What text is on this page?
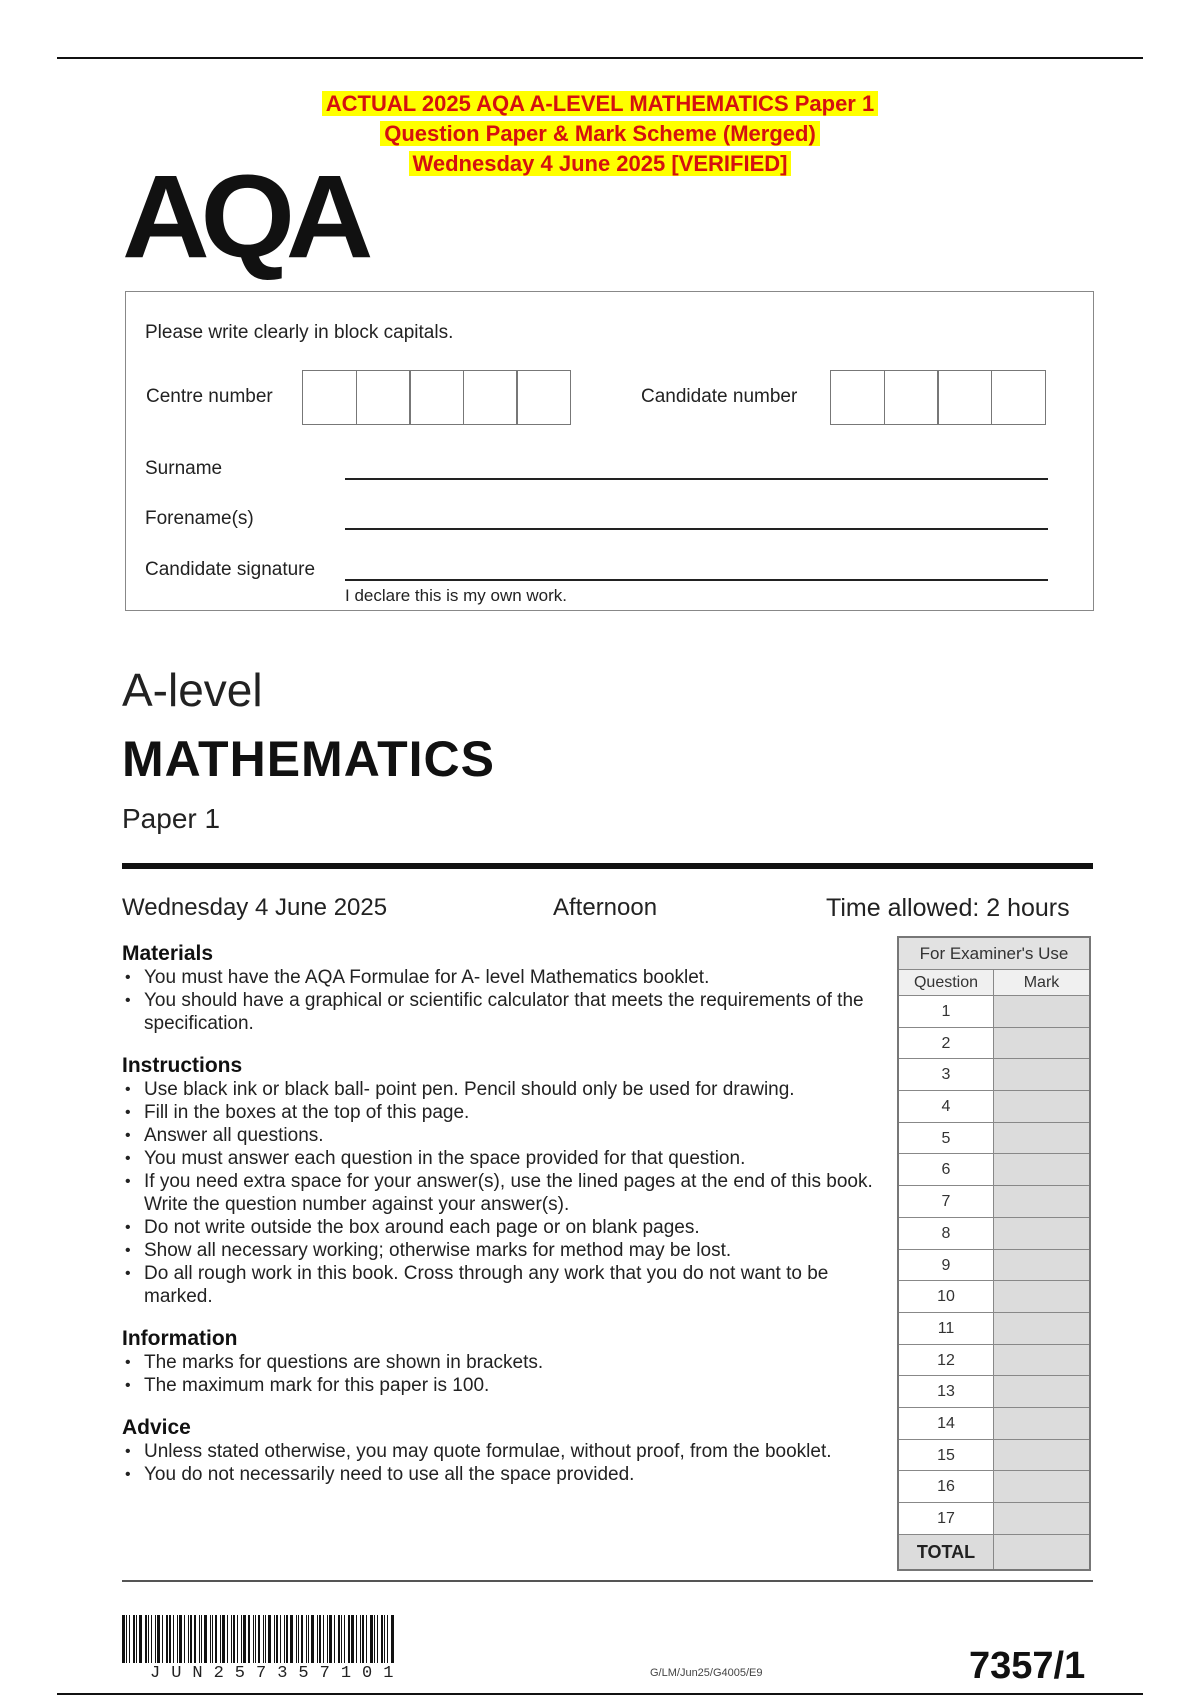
ACTUAL 2025 AQA A-LEVEL MATHEMATICS Paper 1
Question Paper & Mark Scheme (Merged)
Wednesday 4 June 2025 [VERIFIED]
AQA
Please write clearly in block capitals.
Centre number	Candidate number
Surname
Forename(s)
Candidate signature
I declare this is my own work.
A-level
MATHEMATICS
Paper 1
Wednesday 4 June 2025	Afternoon	Time allowed: 2 hours
Materials
• You must have the AQA Formulae for A- level Mathematics booklet.
• You should have a graphical or scientific calculator that meets the requirements of the specification.
Instructions
• Use black ink or black ball- point pen. Pencil should only be used for drawing.
• Fill in the boxes at the top of this page.
• Answer all questions.
• You must answer each question in the space provided for that question.
• If you need extra space for your answer(s), use the lined pages at the end of this book. Write the question number against your answer(s).
• Do not write outside the box around each page or on blank pages.
• Show all necessary working; otherwise marks for method may be lost.
• Do all rough work in this book. Cross through any work that you do not want to be marked.
Information
• The marks for questions are shown in brackets.
• The maximum mark for this paper is 100.
Advice
• Unless stated otherwise, you may quote formulae, without proof, from the booklet.
• You do not necessarily need to use all the space provided.
For Examiner's Use
Question	Mark
1
2
3
4
5
6
7
8
9
10
11
12
13
14
15
16
17
TOTAL
JUN257357101	G/LM/Jun25/G4005/E9	7357/1
